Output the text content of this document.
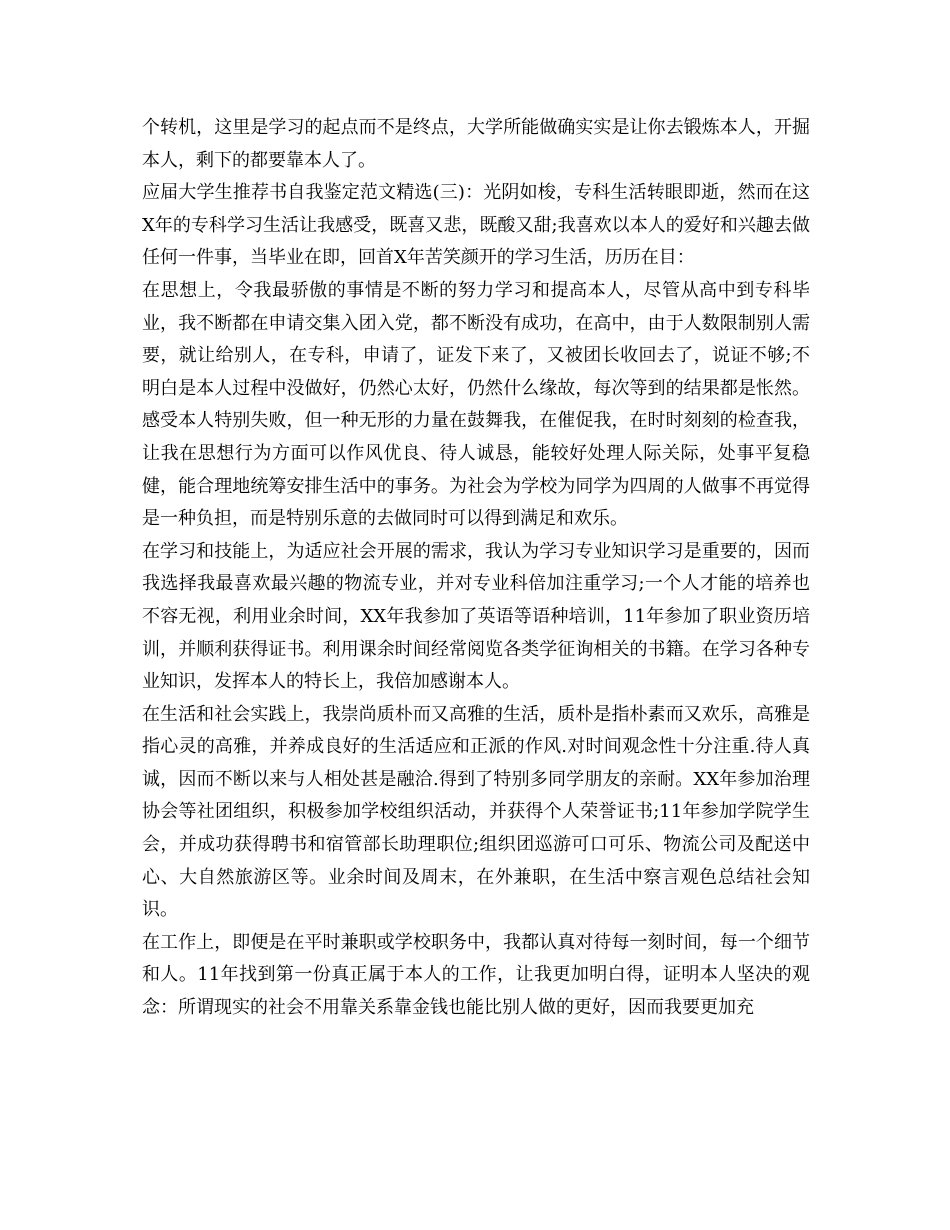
个转机，这里是学习的起点而不是终点，大学所能做确实实是让你去锻炼本人，开掘本人，剩下的都要靠本人了。

应届大学生推荐书自我鉴定范文精选(三)：光阴如梭，专科生活转眼即逝，然而在这X年的专科学习生活让我感受，既喜又悲，既酸又甜;我喜欢以本人的爱好和兴趣去做任何一件事，当毕业在即，回首X年苦笑颜开的学习生活，历历在目：

在思想上，令我最骄傲的事情是不断的努力学习和提高本人，尽管从高中到专科毕业，我不断都在申请交集入团入党，都不断没有成功，在高中，由于人数限制别人需要，就让给别人，在专科，申请了，证发下来了，又被团长收回去了，说证不够;不明白是本人过程中没做好，仍然心太好，仍然什么缘故，每次等到的结果都是怅然。感受本人特别失败，但一种无形的力量在鼓舞我，在催促我，在时时刻刻的检查我，让我在思想行为方面可以作风优良、待人诚恳，能较好处理人际关际，处事平复稳健，能合理地统筹安排生活中的事务。为社会为学校为同学为四周的人做事不再觉得是一种负担，而是特别乐意的去做同时可以得到满足和欢乐。

在学习和技能上，为适应社会开展的需求，我认为学习专业知识学习是重要的，因而我选择我最喜欢最兴趣的物流专业，并对专业科倍加注重学习;一个人才能的培养也不容无视，利用业余时间，XX年我参加了英语等语种培训，11年参加了职业资历培训，并顺利获得证书。利用课余时间经常阅览各类学征询相关的书籍。在学习各种专业知识，发挥本人的特长上，我倍加感谢本人。

在生活和社会实践上，我崇尚质朴而又高雅的生活，质朴是指朴素而又欢乐，高雅是指心灵的高雅，并养成良好的生活适应和正派的作风.对时间观念性十分注重.待人真诚，因而不断以来与人相处甚是融洽.得到了特别多同学朋友的亲耐。XX年参加治理协会等社团组织，积极参加学校组织活动，并获得个人荣誉证书;11年参加学院学生会，并成功获得聘书和宿管部长助理职位;组织团巡游可口可乐、物流公司及配送中心、大自然旅游区等。业余时间及周末，在外兼职，在生活中察言观色总结社会知识。

在工作上，即便是在平时兼职或学校职务中，我都认真对待每一刻时间，每一个细节和人。11年找到第一份真正属于本人的工作，让我更加明白得，证明本人坚决的观念：所谓现实的社会不用靠关系靠金钱也能比别人做的更好，因而我要更加充
